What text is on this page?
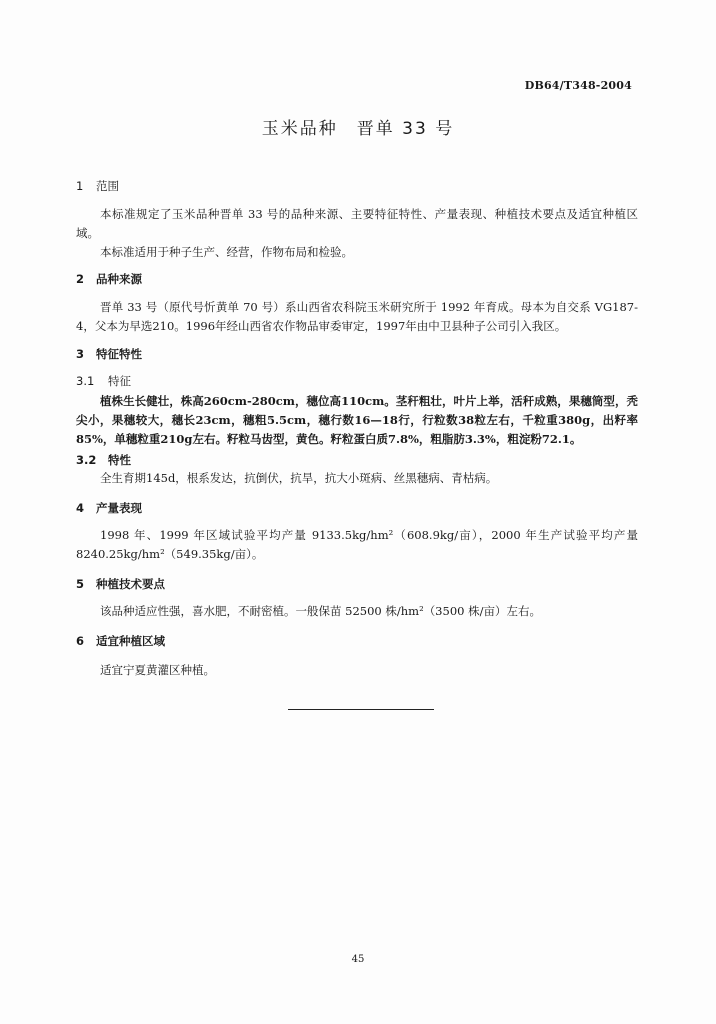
DB64/T348-2004
玉米品种　晋单 33 号
1 范围
本标准规定了玉米品种晋单 33 号的品种来源、主要特征特性、产量表现、种植技术要点及适宜种植区域。
本标准适用于种子生产、经营，作物布局和检验。
2 品种来源
晋单 33 号（原代号忻黄单 70 号）系山西省农科院玉米研究所于 1992 年育成。母本为自交系 VG187-4，父本为早选210。1996年经山西省农作物品审委审定，1997年由中卫县种子公司引入我区。
3 特征特性
3.1 特征
植株生长健壮，株高260cm-280cm，穗位高110cm。茎秆粗壮，叶片上举，活秆成熟，果穗筒型，秃尖小，果穗较大，穗长23cm，穗粗5.5cm，穗行数16—18行，行粒数38粒左右，千粒重380g，出籽率85%，单穗粒重210g左右。籽粒马齿型，黄色。籽粒蛋白质7.8%，粗脂肪3.3%，粗淀粉72.1。
3.2 特性
全生育期145d，根系发达，抗倒伏，抗旱，抗大小斑病、丝黑穗病、青枯病。
4 产量表现
1998 年、1999 年区域试验平均产量 9133.5kg/hm²（608.9kg/亩），2000 年生产试验平均产量 8240.25kg/hm²（549.35kg/亩）。
5 种植技术要点
该品种适应性强，喜水肥，不耐密植。一般保苗 52500 株/hm²（3500 株/亩）左右。
6 适宜种植区域
适宜宁夏黄灌区种植。
45
